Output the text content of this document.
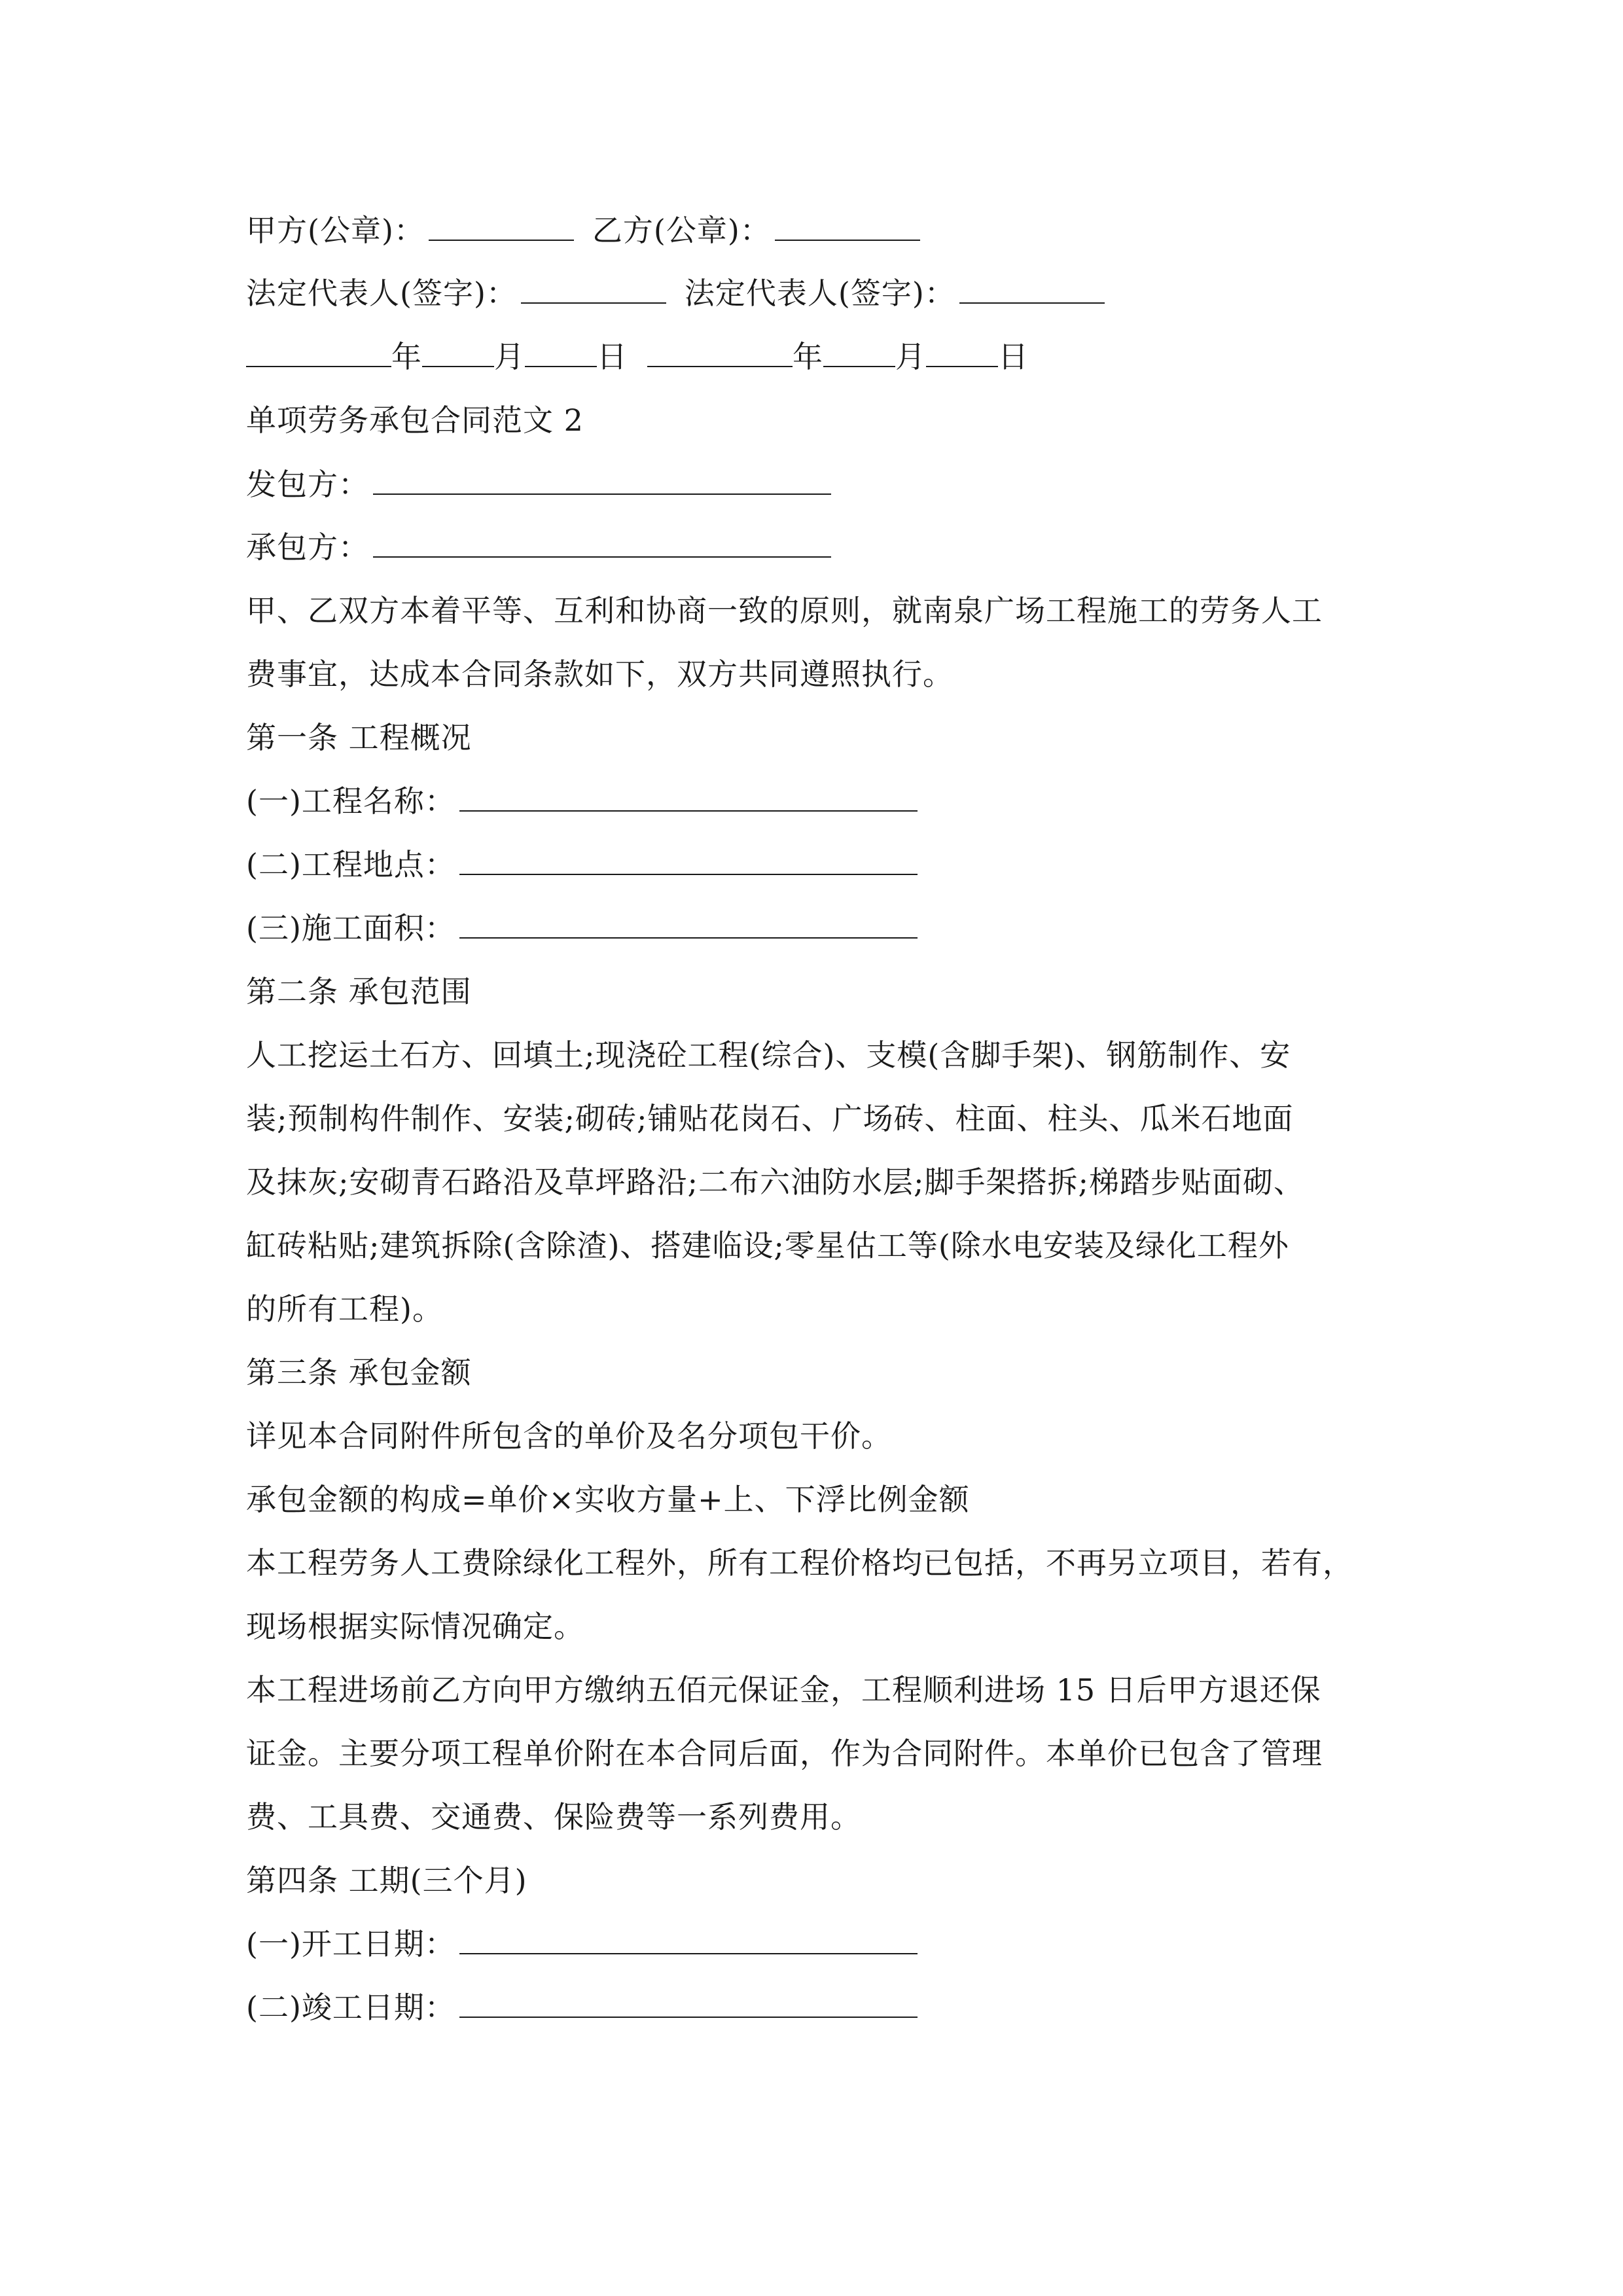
甲方(公章)：	乙方(公章)：
法定代表人(签字)：	法定代表人(签字)：
年 月 日	年 月 日
单项劳务承包合同范文 2
发包方：
承包方：
甲、乙双方本着平等、互利和协商一致的原则，就南泉广场工程施工的劳务人工
费事宜，达成本合同条款如下，双方共同遵照执行。
第一条 工程概况
(一)工程名称：
(二)工程地点：
(三)施工面积：
第二条 承包范围
人工挖运土石方、回填土;现浇砼工程(综合)、支模(含脚手架)、钢筋制作、安
装;预制构件制作、安装;砌砖;铺贴花岗石、广场砖、柱面、柱头、瓜米石地面
及抹灰;安砌青石路沿及草坪路沿;二布六油防水层;脚手架搭拆;梯踏步贴面砌、
缸砖粘贴;建筑拆除(含除渣)、搭建临设;零星估工等(除水电安装及绿化工程外
的所有工程)。
第三条 承包金额
详见本合同附件所包含的单价及名分项包干价。
承包金额的构成=单价×实收方量+上、下浮比例金额
本工程劳务人工费除绿化工程外，所有工程价格均已包括，不再另立项目，若有，
现场根据实际情况确定。
本工程进场前乙方向甲方缴纳五佰元保证金，工程顺利进场 15 日后甲方退还保
证金。主要分项工程单价附在本合同后面，作为合同附件。本单价已包含了管理
费、工具费、交通费、保险费等一系列费用。
第四条 工期(三个月)
(一)开工日期：
(二)竣工日期：
